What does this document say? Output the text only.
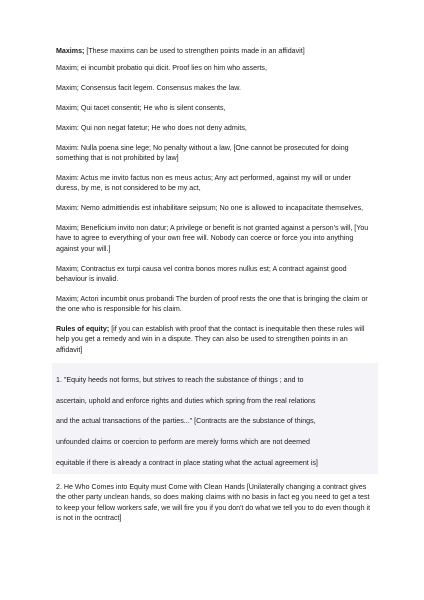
Maxims; [These maxims can be used to strengthen points made in an affidavit]

Maxim; ei incumbit probatio qui dicit. Proof lies on him who asserts,

Maxim; Consensus facit legem. Consensus makes the law.

Maxim; Qui tacet consentit; He who is silent consents,

Maxim: Qui non negat fatetur; He who does not deny admits,

Maxim: Nulla poena sine lege; No penalty without a law, [One cannot be prosecuted for doing something that is not prohibited by law]

Maxim: Actus me invito factus non es meus actus; Any act performed, against my will or under duress, by me, is not considered to be my act,

Maxim: Nemo admittiendis est inhabilitare seipsum; No one is allowed to incapacitate themselves,

Maxim; Beneficium invito non datur; A privilege or benefit is not granted against a person's will, [You have to agree to everything of your own free will. Nobody can coerce or force you into anything against your will.]

Maxim; Contractus ex turpi causa vel contra bonos mores nullus est; A contract against good behaviour is invalid.

Maxim; Actori incumbit onus probandi The burden of proof rests the one that is bringing the claim or the one who is responsible for his claim.

Rules of equity; [if you can establish with proof that the contact is inequitable then these rules will help you get a remedy and win in a dispute. They can also be used to strengthen points in an affidavit]

1. "Equity heeds not forms, but strives to reach the substance of things ; and to

ascertain, uphold and enforce rights and duties which spring from the real relations

and the actual transactions of the parties..." [Contracts are the substance of things,

unfounded claims or coercion to perform are merely forms which are not deemed

equitable if there is already a contract in place stating what the actual agreement is]

2. He Who Comes into Equity must Come with Clean Hands [Unilaterally changing a contract gives the other party unclean hands, so does making claims with no basis in fact eg you need to get a test to keep your fellow workers safe, we will fire you if you don't do what we tell you to do even though it is not in the ocntract]
